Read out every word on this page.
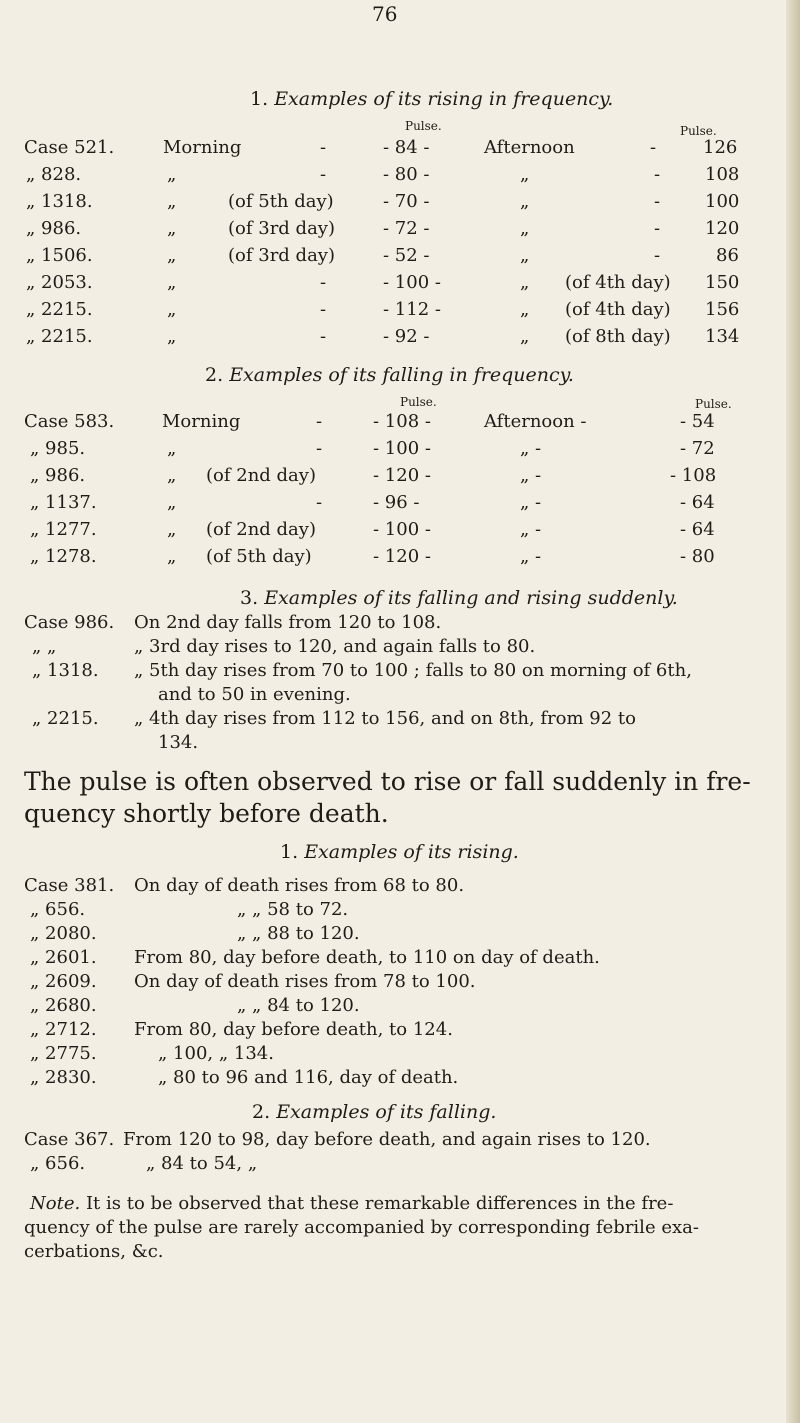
76
1. Examples of its rising in frequency.
Pulse.	Pulse.
Case 521.	Morning	-	- 84 -	Afternoon	-	126
„ 828.	„	-	- 80 -	„	- 108
„ 1318.	„	(of 5th day)	- 70 -	„	- 100
„ 986.	„	(of 3rd day)	- 72 -	„	- 120
„ 1506.	„	(of 3rd day)	- 52 -	„	-	86
„ 2053.	„	-	- 100 -	„ (of 4th day) 150
„ 2215.	„	-	- 112 -	„ (of 4th day) 156
„ 2215.	„	-	- 92 -	„ (of 8th day) 134
2. Examples of its falling in frequency.
Pulse.	Pulse.
Case 583.	Morning	-	- 108 -	Afternoon -	- 54
„ 985.	„	-	- 100 -	„ -	- 72
„ 986.	„ (of 2nd day)	- 120 -	„ -	- 108
„ 1137.	„	-	- 96 -	„ -	- 64
„ 1277.	„ (of 2nd day)	- 100 -	„ -	- 64
„ 1278.	„ (of 5th day)	- 120 -	„ -	- 80
3. Examples of its falling and rising suddenly.
Case 986. On 2nd day falls from 120 to 108.
„ „	„ 3rd day rises to 120, and again falls to 80.
„ 1318. „ 5th day rises from 70 to 100 ; falls to 80 on morning of 6th,
and to 50 in evening.
„ 2215. „ 4th day rises from 112 to 156, and on 8th, from 92 to
134.
The pulse is often observed to rise or fall suddenly in fre-
quency shortly before death.
1. Examples of its rising.
Case 381. On day of death rises from 68 to 80.
„ 656.	„ „ 58 to 72.
„ 2080.	„ „ 88 to 120.
„ 2601. From 80, day before death, to 110 on day of death.
„ 2609. On day of death rises from 78 to 100.
„ 2680.	„ „ 84 to 120.
„ 2712. From 80, day before death, to 124.
„ 2775.	„ 100, „ 134.
„ 2830.	„ 80 to 96 and 116, day of death.
2. Examples of its falling.
Case 367. From 120 to 98, day before death, and again rises to 120.
„ 656.	„ 84 to 54, „
Note. It is to be observed that these remarkable differences in the fre-
quency of the pulse are rarely accompanied by corresponding febrile exa-
cerbations, &c.
